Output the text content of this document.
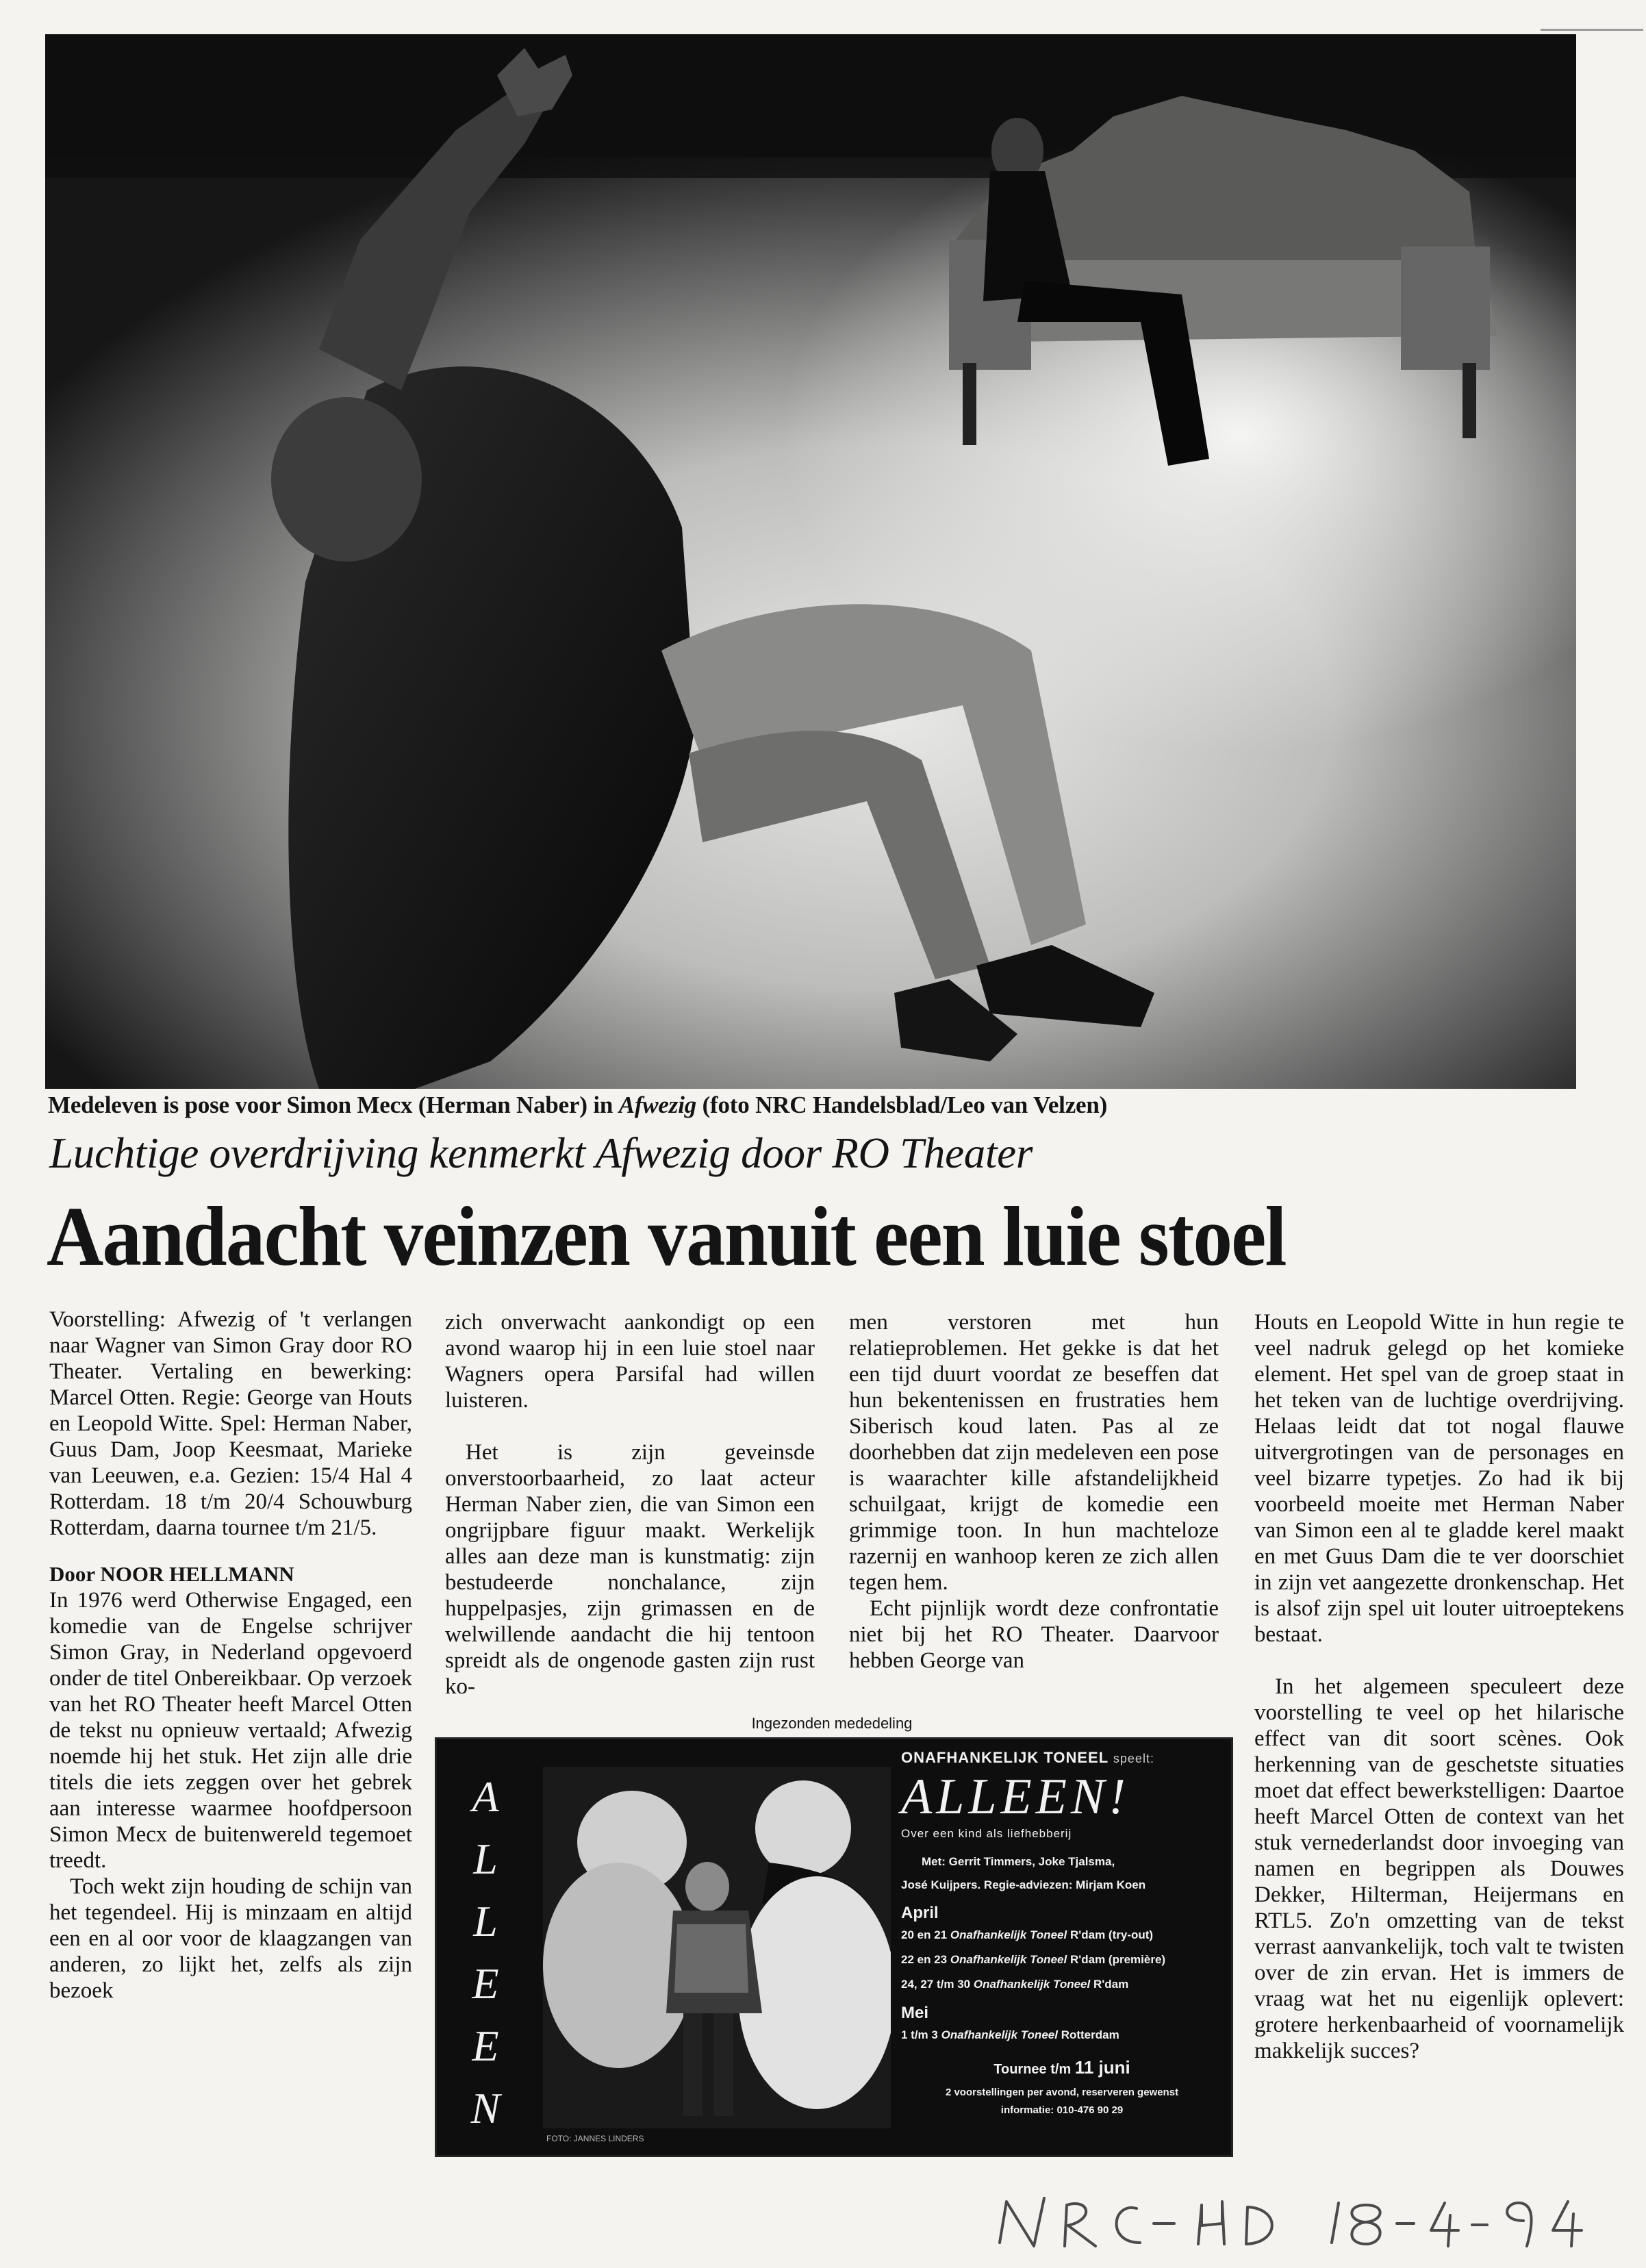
Medeleven is pose voor Simon Mecx (Herman Naber) in Afwezig (foto NRC Handelsblad/Leo van Velzen)
Luchtige overdrijving kenmerkt Afwezig door RO Theater
Aandacht veinzen vanuit een luie stoel

Voorstelling: Afwezig of 't verlangen naar Wagner van Simon Gray door RO Theater. Vertaling en bewerking: Marcel Otten. Regie: George van Houts en Leopold Witte. Spel: Herman Naber, Guus Dam, Joop Keesmaat, Marieke van Leeuwen, e.a. Gezien: 15/4 Hal 4 Rotterdam. 18 t/m 20/4 Schouwburg Rotterdam, daarna tournee t/m 21/5.

Door NOOR HELLMANN

In 1976 werd Otherwise Engaged, een komedie van de Engelse schrijver Simon Gray, in Nederland opgevoerd onder de titel Onbereikbaar. Op verzoek van het RO Theater heeft Marcel Otten de tekst nu opnieuw vertaald; Afwezig noemde hij het stuk. Het zijn alle drie titels die iets zeggen over het gebrek aan interesse waarmee hoofdpersoon Simon Mecx de buitenwereld tegemoet treedt.

Toch wekt zijn houding de schijn van het tegendeel. Hij is minzaam en altijd een en al oor voor de klaagzangen van anderen, zo lijkt het, zelfs als zijn bezoek

zich onverwacht aankondigt op een avond waarop hij in een luie stoel naar Wagners opera Parsifal had willen luisteren.

Het is zijn geveinsde onverstoorbaarheid, zo laat acteur Herman Naber zien, die van Simon een ongrijpbare figuur maakt. Werkelijk alles aan deze man is kunstmatig: zijn bestudeerde nonchalance, zijn huppelpasjes, zijn grimassen en de welwillende aandacht die hij tentoon spreidt als de ongenode gasten zijn rust ko-

men verstoren met hun relatieproblemen. Het gekke is dat het een tijd duurt voordat ze beseffen dat hun bekentenissen en frustraties hem Siberisch koud laten. Pas al ze doorhebben dat zijn medeleven een pose is waarachter kille afstandelijkheid schuilgaat, krijgt de komedie een grimmige toon. In hun machteloze razernij en wanhoop keren ze zich allen tegen hem.

Echt pijnlijk wordt deze confrontatie niet bij het RO Theater. Daarvoor hebben George van

Houts en Leopold Witte in hun regie te veel nadruk gelegd op het komieke element. Het spel van de groep staat in het teken van de luchtige overdrijving. Helaas leidt dat tot nogal flauwe uitvergrotingen van de personages en veel bizarre typetjes. Zo had ik bij voorbeeld moeite met Herman Naber van Simon een al te gladde kerel maakt en met Guus Dam die te ver doorschiet in zijn vet aangezette dronkenschap. Het is alsof zijn spel uit louter uitroeptekens bestaat.

In het algemeen speculeert deze voorstelling te veel op het hilarische effect van dit soort scènes. Ook herkenning van de geschetste situaties moet dat effect bewerkstelligen: Daartoe heeft Marcel Otten de context van het stuk vernederlandst door invoeging van namen en begrippen als Douwes Dekker, Hilterman, Heijermans en RTL5. Zo'n omzetting van de tekst verrast aanvankelijk, toch valt te twisten over de zin ervan. Het is immers de vraag wat het nu eigenlijk oplevert: grotere herkenbaarheid of voornamelijk makkelijk succes?

Ingezonden mededeling
A
L
L
E
E
N
FOTO: JANNES LINDERS
ONAFHANKELIJK TONEEL speelt:
ALLEEN!
Over een kind als liefhebberij
Met: Gerrit Timmers, Joke Tjalsma,
José Kuijpers. Regie-adviezen: Mirjam Koen
April
20 en 21 Onafhankelijk Toneel R'dam (try-out)
22 en 23 Onafhankelijk Toneel R'dam (première)
24, 27 t/m 30 Onafhankelijk Toneel R'dam
Mei
1 t/m 3 Onafhankelijk Toneel Rotterdam
Tournee t/m 11 juni
2 voorstellingen per avond, reserveren gewenst
informatie: 010-476 90 29
